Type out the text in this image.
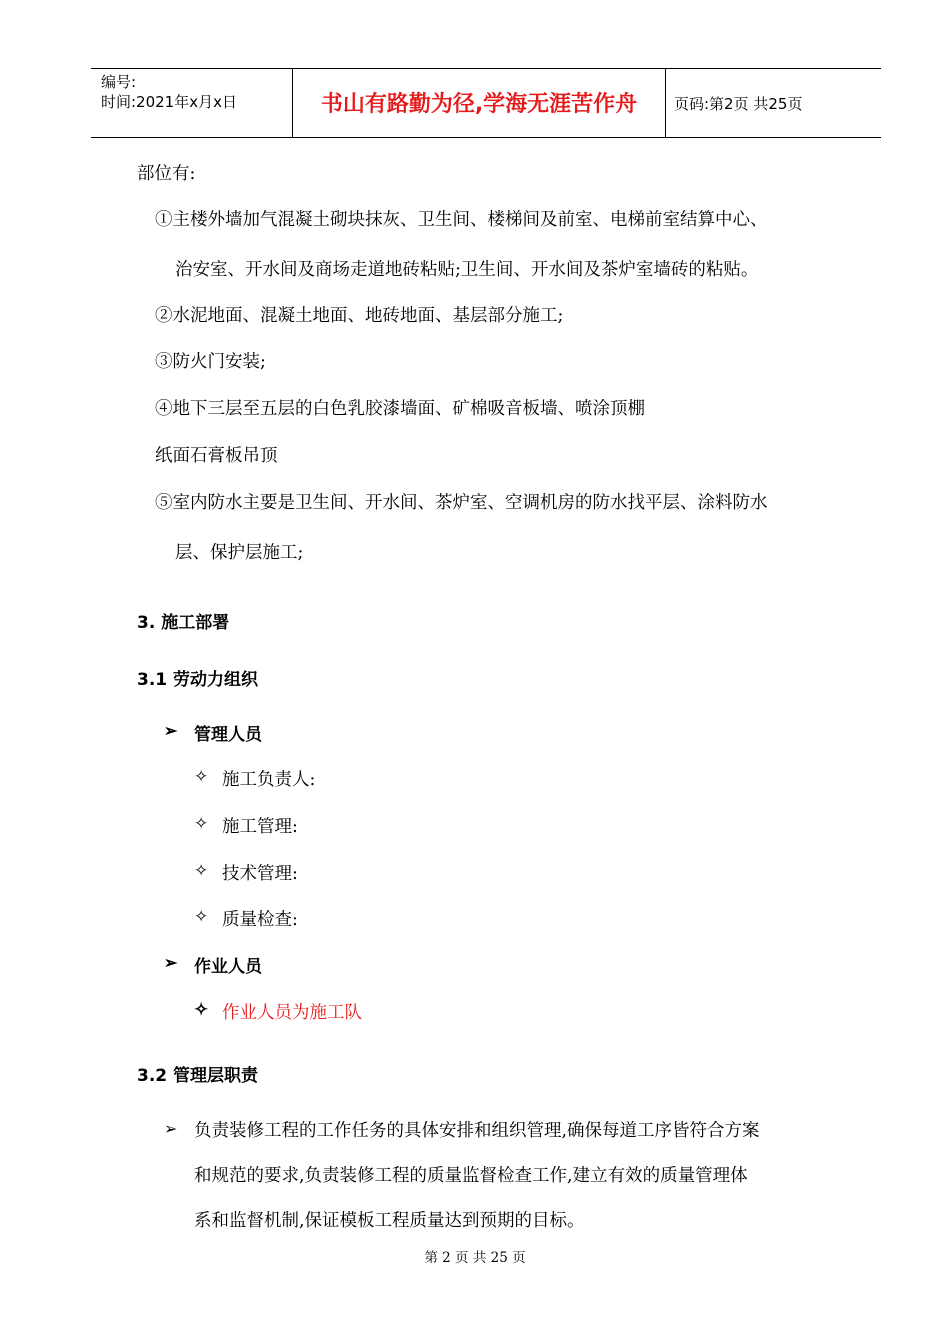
编号:
时间:2021年x月x日	书山有路勤为径,学海无涯苦作舟	页码:第2页 共25页
部位有:
①主楼外墙加气混凝土砌块抹灰、卫生间、楼梯间及前室、电梯前室结算中心、
治安室、开水间及商场走道地砖粘贴;卫生间、开水间及茶炉室墙砖的粘贴。
②水泥地面、混凝土地面、地砖地面、基层部分施工;
③防火门安装;
④地下三层至五层的白色乳胶漆墙面、矿棉吸音板墙、喷涂顶棚
纸面石膏板吊顶
⑤室内防水主要是卫生间、开水间、茶炉室、空调机房的防水找平层、涂料防水
层、保护层施工;
3. 施工部署
3.1 劳动力组织
➢ 管理人员
✧ 施工负责人:
✧ 施工管理:
✧ 技术管理:
✧ 质量检查:
➢ 作业人员
✧ 作业人员为施工队
3.2 管理层职责
➢ 负责装修工程的工作任务的具体安排和组织管理,确保每道工序皆符合方案
和规范的要求,负责装修工程的质量监督检查工作,建立有效的质量管理体
系和监督机制,保证模板工程质量达到预期的目标。
第 2 页 共 25 页
